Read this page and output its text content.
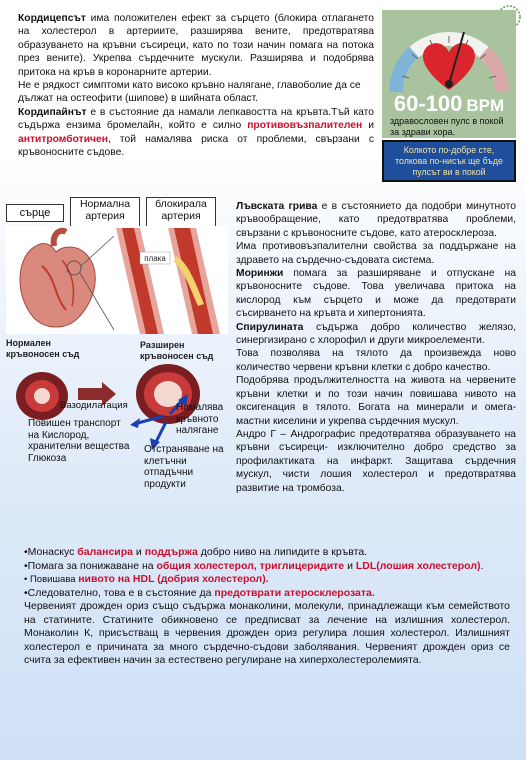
Кордицепсът има положителен ефект за сърцето (блокира отлагането на холестерол в артериите, разширява вените, предотвратява образуването на кръвни съсиреци, като по този начин помага на потока през вените). Укрепва сърдечните мускули. Разширява и подобрява притока на кръв в коронарните артерии.

Не е рядкост симптоми като високо кръвно налягане, главоболие да се дължат на остеофити (шипове) в шийната област.

Кордипайнът е в състояние да намали лепкавостта на кръвта.Тъй като съдържа ензима бромелайн, който е силно противовъзпалителен и антитромботичен, той намалява риска от проблеми, свързани с кръвоносните съдове.

60-100 BPM
здравословен пулс в покой за здрави хора.
Колкото по-добре сте, толкова по-нисък ще бъде пулсът ви в покой
сърце
Нормална артерия
блокирала артерия
плака
Нормален кръвоносен съд
Разширен кръвоносен съд
Вазодилатация
Повишен транспорт на Кислород, хранителни вещества Глюкоза
Намалява кръвното налягане
Отстраняване на клетъчни отпадъчни продукти

Лъвската грива е в състоянието да подобри минутното кръвообращение, като предотвратява проблеми, свързани с кръвоносните съдове, като атеросклероза.

Има противовъзпалителни свойства за поддържане на здравето на сърдечно-съдовата система.

Моринжи помага за разширяване и отпускане на кръвоносните съдове. Това увеличава притока на кислород към сърцето и може да предотврати съсирването на кръвта и хипертонията.

Спирулината съдържа добро количество желязо, синергизирано с хлорофил и други микроелементи.

Това позволява на тялото да произвежда ново количество червени кръвни клетки с добро качество.

Подобрява продължителността на живота на червените кръвни клетки и по този начин повишава нивото на оксигенация в тялото. Богата на минерали и омега-мастни киселини и укрепва сърдечния мускул.

Андро Г – Андрографис предотвратява образуването на кръвни съсиреци- изключително добро средство за профилактиката на инфаркт. Защитава сърдечния мускул, чисти лошия холестерол и предотвратява развитие на тромбоза.

•Монаскус балансира и поддържа добро ниво на липидите в кръвта.

•Помага за понижаване на общия холестерол, триглицеридите и LDL(лошия холестерол).

• Повишава нивото на HDL (добрия холестерол).

•Следователно, това е в състояние да предотврати атеросклерозата.

Червеният дрожден ориз също съдържа монаколини, молекули, принадлежащи към семейството на статините. Статините обикновено се предписват за лечение на излишния холестерол. Монаколин К, присъстващ в червения дрожден ориз регулира лошия холестерол. Излишният холестерол е причината за много сърдечно-съдови заболявания. Червеният дрожден ориз се счита за ефективен начин за естествено регулиране на хиперхолестеролемията.
